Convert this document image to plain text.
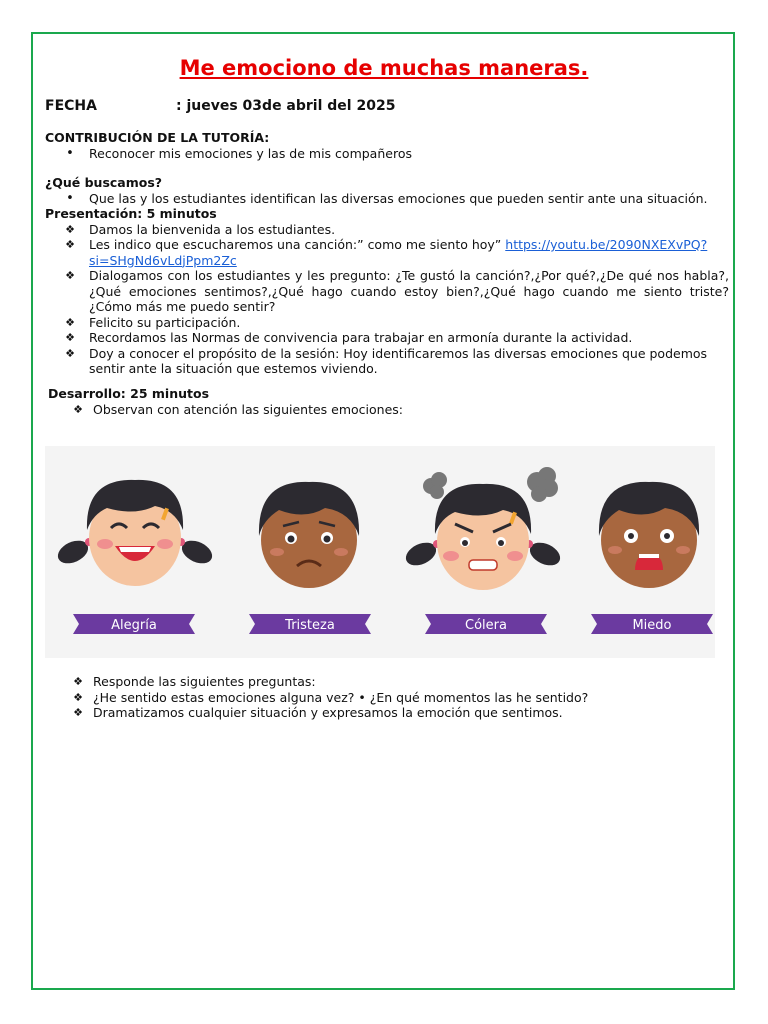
Me emociono de muchas maneras.
FECHA	: jueves 03de abril del 2025
CONTRIBUCIÓN DE LA TUTORÍA:
• Reconocer mis emociones y las de mis compañeros
¿Qué buscamos?
• Que las y los estudiantes identifican las diversas emociones que pueden sentir ante una situación.
Presentación: 5 minutos
❖ Damos la bienvenida a los estudiantes.
❖ Les indico que escucharemos una canción:” como me siento hoy” https://youtu.be/2090NXEXvPQ?si=SHgNd6vLdjPpm2Zc
❖ Dialogamos con los estudiantes y les pregunto: ¿Te gustó la canción?,¿Por qué?,¿De qué nos habla?, ¿Qué emociones sentimos?,¿Qué hago cuando estoy bien?,¿Qué hago cuando me siento triste? ¿Cómo más me puedo sentir?
❖ Felicito su participación.
❖ Recordamos las Normas de convivencia para trabajar en armonía durante la actividad.
❖ Doy a conocer el propósito de la sesión: Hoy identificaremos las diversas emociones que podemos sentir ante la situación que estemos viviendo.
Desarrollo: 25 minutos
❖ Observan con atención las siguientes emociones:
Alegría	Tristeza	Cólera	Miedo
❖ Responde las siguientes preguntas:
❖ ¿He sentido estas emociones alguna vez? • ¿En qué momentos las he sentido?
❖ Dramatizamos cualquier situación y expresamos la emoción que sentimos.
